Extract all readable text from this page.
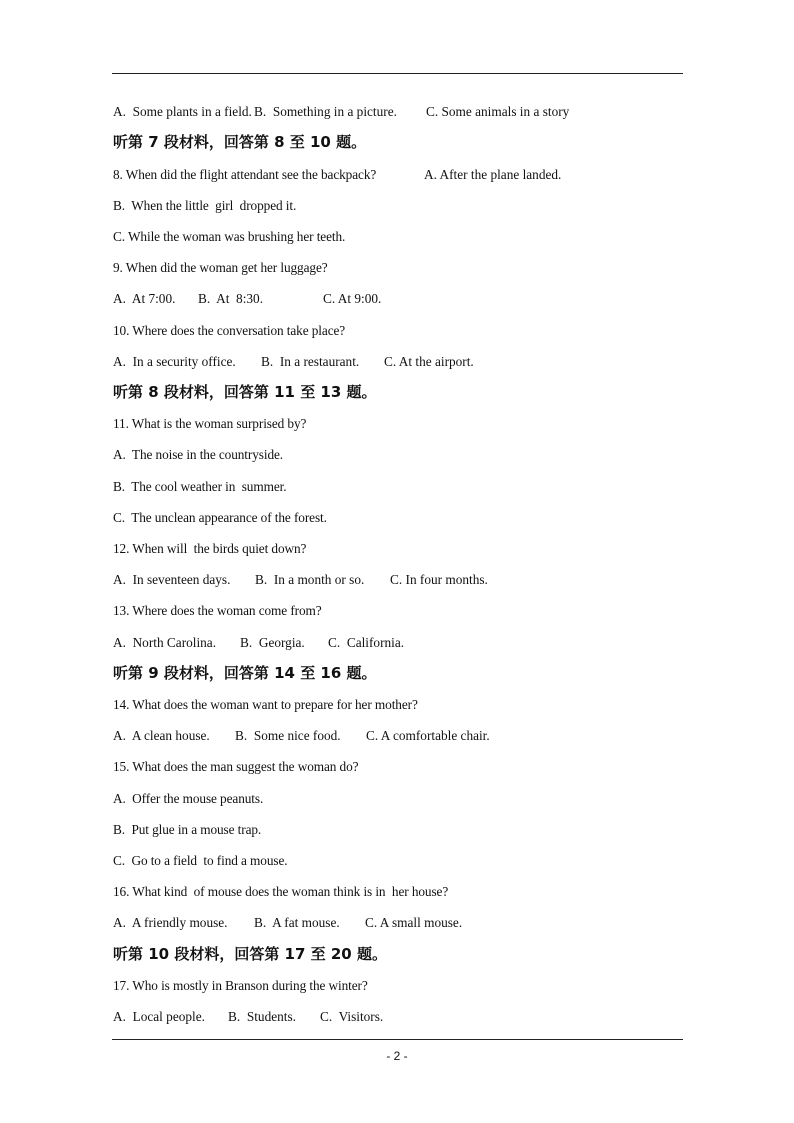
A.  Some plants in a field. B.  Something in a picture. C. Some animals in a story
听第 7 段材料，回答第 8 至 10 题。
8. When did the flight attendant see the backpack?	A. After the plane landed.
B.  When the little  girl  dropped it.
C. While the woman was brushing her teeth.
9. When did the woman get her luggage?
A.  At 7:00. B.  At  8:30.	C. At 9:00.
10. Where does the conversation take place?
A.  In a security office. B.  In a restaurant. C. At the airport.
听第 8 段材料，回答第 11 至 13 题。
11. What is the woman surprised by?
A.  The noise in the countryside.
B.  The cool weather in  summer.
C.  The unclean appearance of the forest.
12. When will  the birds quiet down?
A.  In seventeen days. B.  In a month or so. C. In four months.
13. Where does the woman come from?
A.  North Carolina. B.  Georgia. C.  California.
听第 9 段材料，回答第 14 至 16 题。
14. What does the woman want to prepare for her mother?
A.  A clean house. B.  Some nice food. C. A comfortable chair.
15. What does the man suggest the woman do?
A.  Offer the mouse peanuts.
B.  Put glue in a mouse trap.
C.  Go to a field  to find a mouse.
16. What kind  of mouse does the woman think is in  her house?
A.  A friendly mouse. B.  A fat mouse. C. A small mouse.
听第 10 段材料，回答第 17 至 20 题。
17. Who is mostly in Branson during the winter?
A.  Local people. B.  Students. C.  Visitors.
- 2 -
